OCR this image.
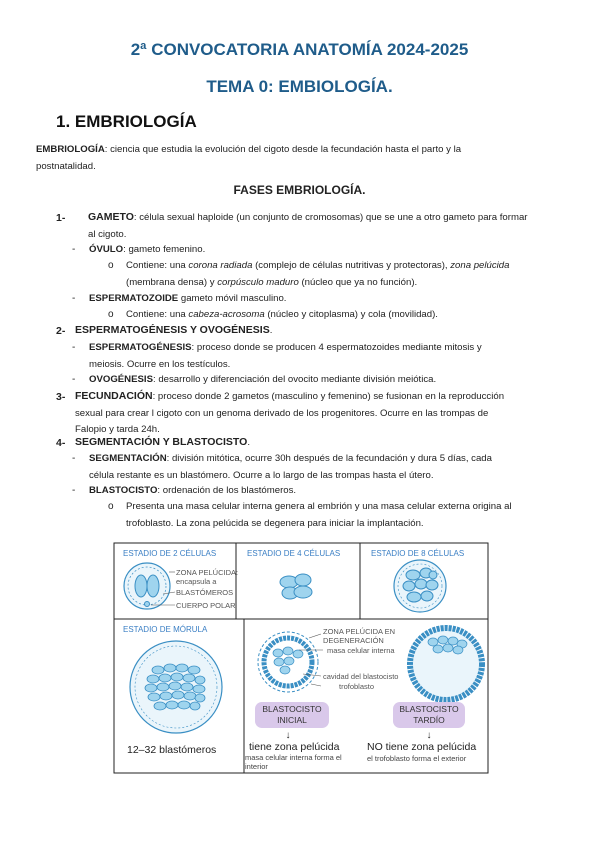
2ª CONVOCATORIA ANATOMÍA 2024-2025
TEMA 0: EMBIOLOGÍA.
1. EMBRIOLOGÍA
EMBRIOLOGÍA: ciencia que estudia la evolución del cigoto desde la fecundación hasta el parto y la
postnatalidad.
FASES EMBRIOLOGÍA.
1- GAMETO: célula sexual haploide (un conjunto de cromosomas) que se une a otro gameto para formar
al cigoto.
- ÓVULO: gameto femenino.
o Contiene: una corona radiada (complejo de células nutritivas y protectoras), zona pelúcida
(membrana densa) y corpúsculo maduro (núcleo que ya no función).
- ESPERMATOZOIDE gameto móvil masculino.
o Contiene: una cabeza-acrosoma (núcleo y citoplasma) y cola (movilidad).
2- ESPERMATOGÉNESIS Y OVOGÉNESIS.
- ESPERMATOGÉNESIS: proceso donde se producen 4 espermatozoides mediante mitosis y
meiosis. Ocurre en los testículos.
- OVOGÉNESIS: desarrollo y diferenciación del ovocito mediante división meiótica.
3- FECUNDACIÓN: proceso donde 2 gametos (masculino y femenino) se fusionan en la reproducción
sexual para crear l cigoto con un genoma derivado de los progenitores. Ocurre en las trompas de
Falopio y tarda 24h.
4- SEGMENTACIÓN Y BLASTOCISTO.
- SEGMENTACIÓN: división mitótica, ocurre 30h después de la fecundación y dura 5 días, cada
célula restante es un blastómero. Ocurre a lo largo de las trompas hasta el útero.
- BLASTOCISTO: ordenación de los blastómeros.
o Presenta una masa celular interna genera al embrión y una masa celular externa origina al
trofoblasto. La zona pelúcida se degenera para iniciar la implantación.
ESTADIO DE 2 CÉLULAS	ESTADIO DE 4 CÉLULAS	ESTADIO DE 8 CÉLULAS
ESTADIO DE MÓRULA
ZONA PELÚCIDA:
encapsula a
BLASTÓMEROS
CUERPO POLAR
12–32 blastómeros
ZONA PELÚCIDA EN
DEGENERACIÓN
masa celular interna
cavidad del blastocisto
trofoblasto
BLASTOCISTO
INICIAL
BLASTOCISTO
TARDÍO
↓	↓
tiene zona pelúcida	NO tiene zona pelúcida
masa celular interna forma el
interior
el trofoblasto forma el exterior
